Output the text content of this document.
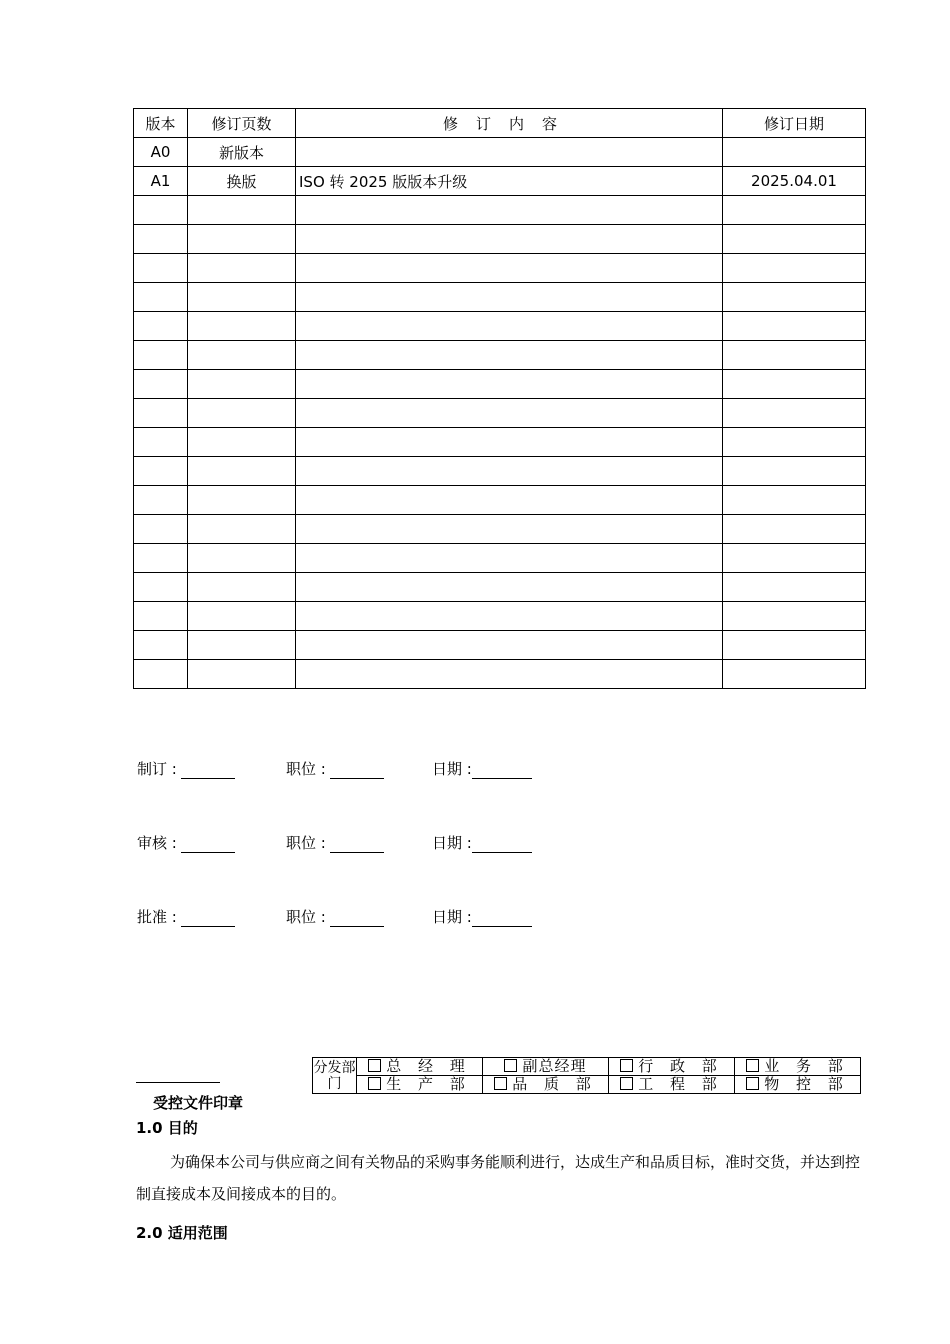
版本	修订页数	修订内容	修订日期
A0	新版本		
A1	换版	ISO 转 2025 版版本升级	2025.04.01

制订 :	职位 :	日期 :
审核 :	职位 :	日期 :
批准 :	职位 :	日期 :
受控文件印章
分发部门	总 经 理	副总经理	行 政 部	业 务 部
	生 产 部	品 质 部	工 程 部	物 控 部
1.0 目的
为确保本公司与供应商之间有关物品的采购事务能顺利进行，达成生产和品质目标，准时交货，并达到控制直接成本及间接成本的目的。
2.0 适用范围
